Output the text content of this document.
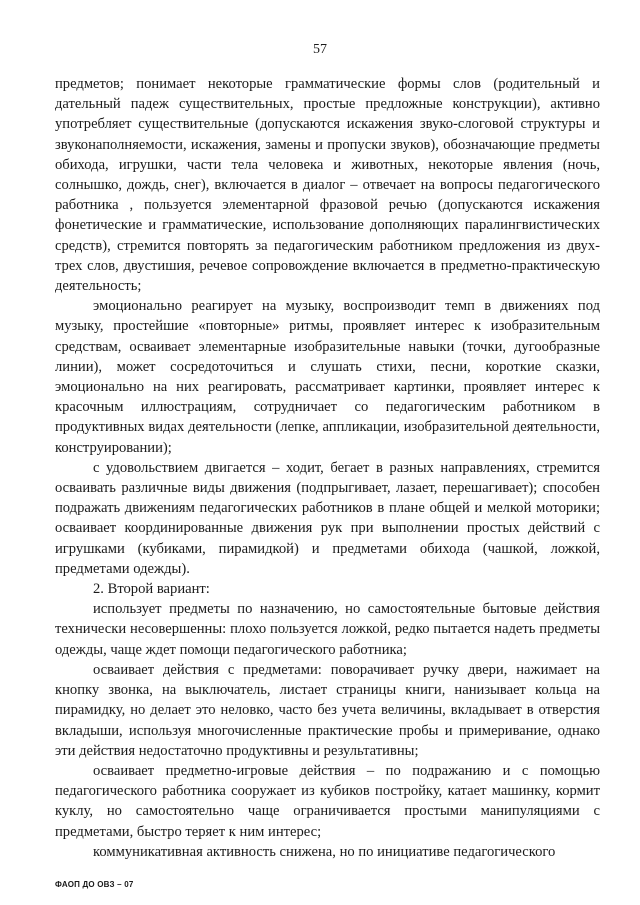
57

предметов; понимает некоторые грамматические формы слов (родительный и дательный падеж существительных, простые предложные конструкции), активно употребляет существительные (допускаются искажения звуко-слоговой структуры и звуконаполняемости, искажения, замены и пропуски звуков), обозначающие предметы обихода, игрушки, части тела человека и животных, некоторые явления (ночь, солнышко, дождь, снег), включается в диалог – отвечает на вопросы педагогического работника , пользуется элементарной фразовой речью (допускаются искажения фонетические и грамматические, использование дополняющих паралингвистических средств), стремится повторять за педагогическим работником предложения из двух-трех слов, двустишия, речевое сопровождение включается в предметно-практическую деятельность;

эмоционально реагирует на музыку, воспроизводит темп в движениях под музыку, простейшие «повторные» ритмы, проявляет интерес к изобразительным средствам, осваивает элементарные изобразительные навыки (точки, дугообразные линии), может сосредоточиться и слушать стихи, песни, короткие сказки, эмоционально на них реагировать, рассматривает картинки, проявляет интерес к красочным иллюстрациям, сотрудничает со педагогическим работником в продуктивных видах деятельности (лепке, аппликации, изобразительной деятельности, конструировании);

с удовольствием двигается – ходит, бегает в разных направлениях, стремится осваивать различные виды движения (подпрыгивает, лазает, перешагивает); способен подражать движениям педагогических работников в плане общей и мелкой моторики; осваивает координированные движения рук при выполнении простых действий с игрушками (кубиками, пирамидкой) и предметами обихода (чашкой, ложкой, предметами одежды).

2. Второй вариант:

использует предметы по назначению, но самостоятельные бытовые действия технически несовершенны: плохо пользуется ложкой, редко пытается надеть предметы одежды, чаще ждет помощи педагогического работника;

осваивает действия с предметами: поворачивает ручку двери, нажимает на кнопку звонка, на выключатель, листает страницы книги, нанизывает кольца на пирамидку, но делает это неловко, часто без учета величины, вкладывает в отверстия вкладыши, используя многочисленные практические пробы и примеривание, однако эти действия недостаточно продуктивны и результативны;

осваивает предметно-игровые действия – по подражанию и с помощью педагогического работника сооружает из кубиков постройку, катает машинку, кормит куклу, но самостоятельно чаще ограничивается простыми манипуляциями с предметами, быстро теряет к ним интерес;

коммуникативная активность снижена, но по инициативе педагогического

ФАОП ДО ОВЗ – 07
